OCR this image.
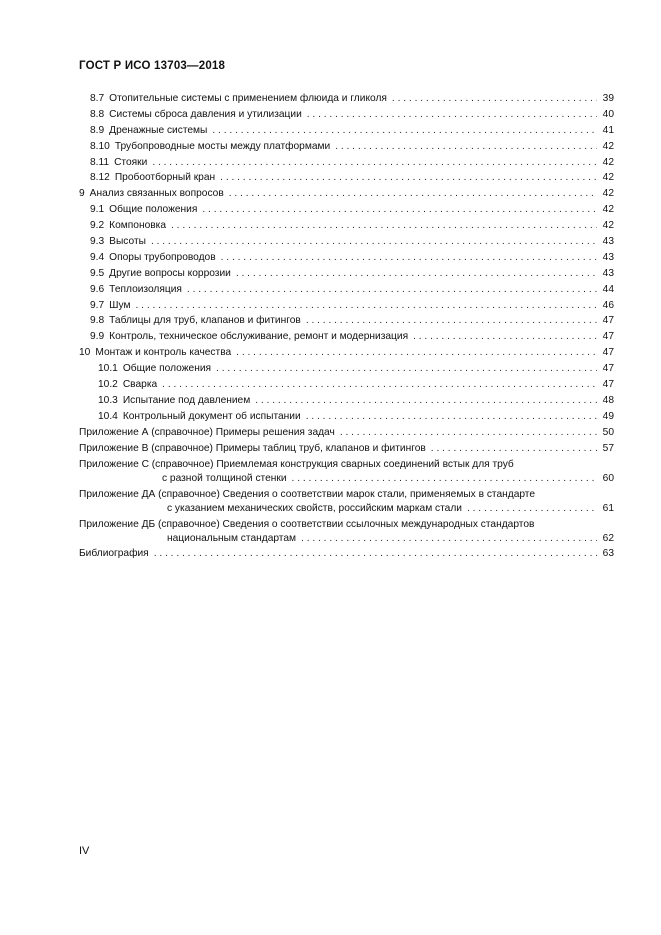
ГОСТ Р ИСО 13703—2018
8.7 Отопительные системы с применением флюида и гликоля . . .	39
8.8 Системы сброса давления и утилизации . . .	40
8.9 Дренажные системы . . .	41
8.10 Трубопроводные мосты между платформами . . .	42
8.11 Стояки . . .	42
8.12 Пробоотборный кран . . .	42
9 Анализ связанных вопросов . . .	42
9.1 Общие положения . . .	42
9.2 Компоновка . . .	42
9.3 Высоты . . .	43
9.4 Опоры трубопроводов . . .	43
9.5 Другие вопросы коррозии . . .	43
9.6 Теплоизоляция . . .	44
9.7 Шум . . .	46
9.8 Таблицы для труб, клапанов и фитингов . . .	47
9.9 Контроль, техническое обслуживание, ремонт и модернизация . . .	47
10 Монтаж и контроль качества . . .	47
10.1 Общие положения . . .	47
10.2 Сварка . . .	47
10.3 Испытание под давлением . . .	48
10.4 Контрольный документ об испытании . . .	49
Приложение А (справочное) Примеры решения задач . . .	50
Приложение В (справочное) Примеры таблиц труб, клапанов и фитингов . . .	57
Приложение С (справочное) Приемлемая конструкция сварных соединений встык для труб
с разной толщиной стенки . . .	60
Приложение ДА (справочное) Сведения о соответствии марок стали, применяемых в стандарте
с указанием механических свойств, российским маркам стали . . .	61
Приложение ДБ (справочное) Сведения о соответствии ссылочных международных стандартов
национальным стандартам . . .	62
Библиография . . .	63
IV
